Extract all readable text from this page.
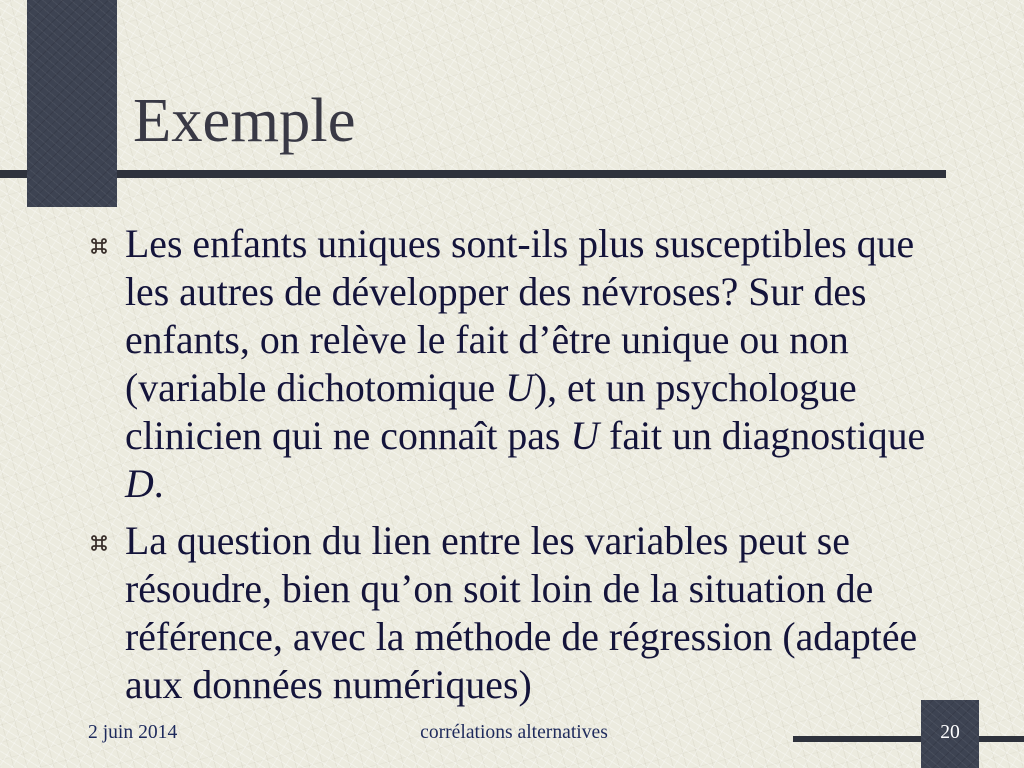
Exemple
Les enfants uniques sont-ils plus susceptibles que
les autres de développer des névroses? Sur des
enfants, on relève le fait d’être unique ou non
(variable dichotomique U), et un psychologue
clinicien qui ne connaît pas U fait un diagnostique
D.
La question du lien entre les variables peut se
résoudre, bien qu’on soit loin de la situation de
référence, avec la méthode de régression (adaptée
aux données numériques)
2 juin 2014	corrélations alternatives	20
